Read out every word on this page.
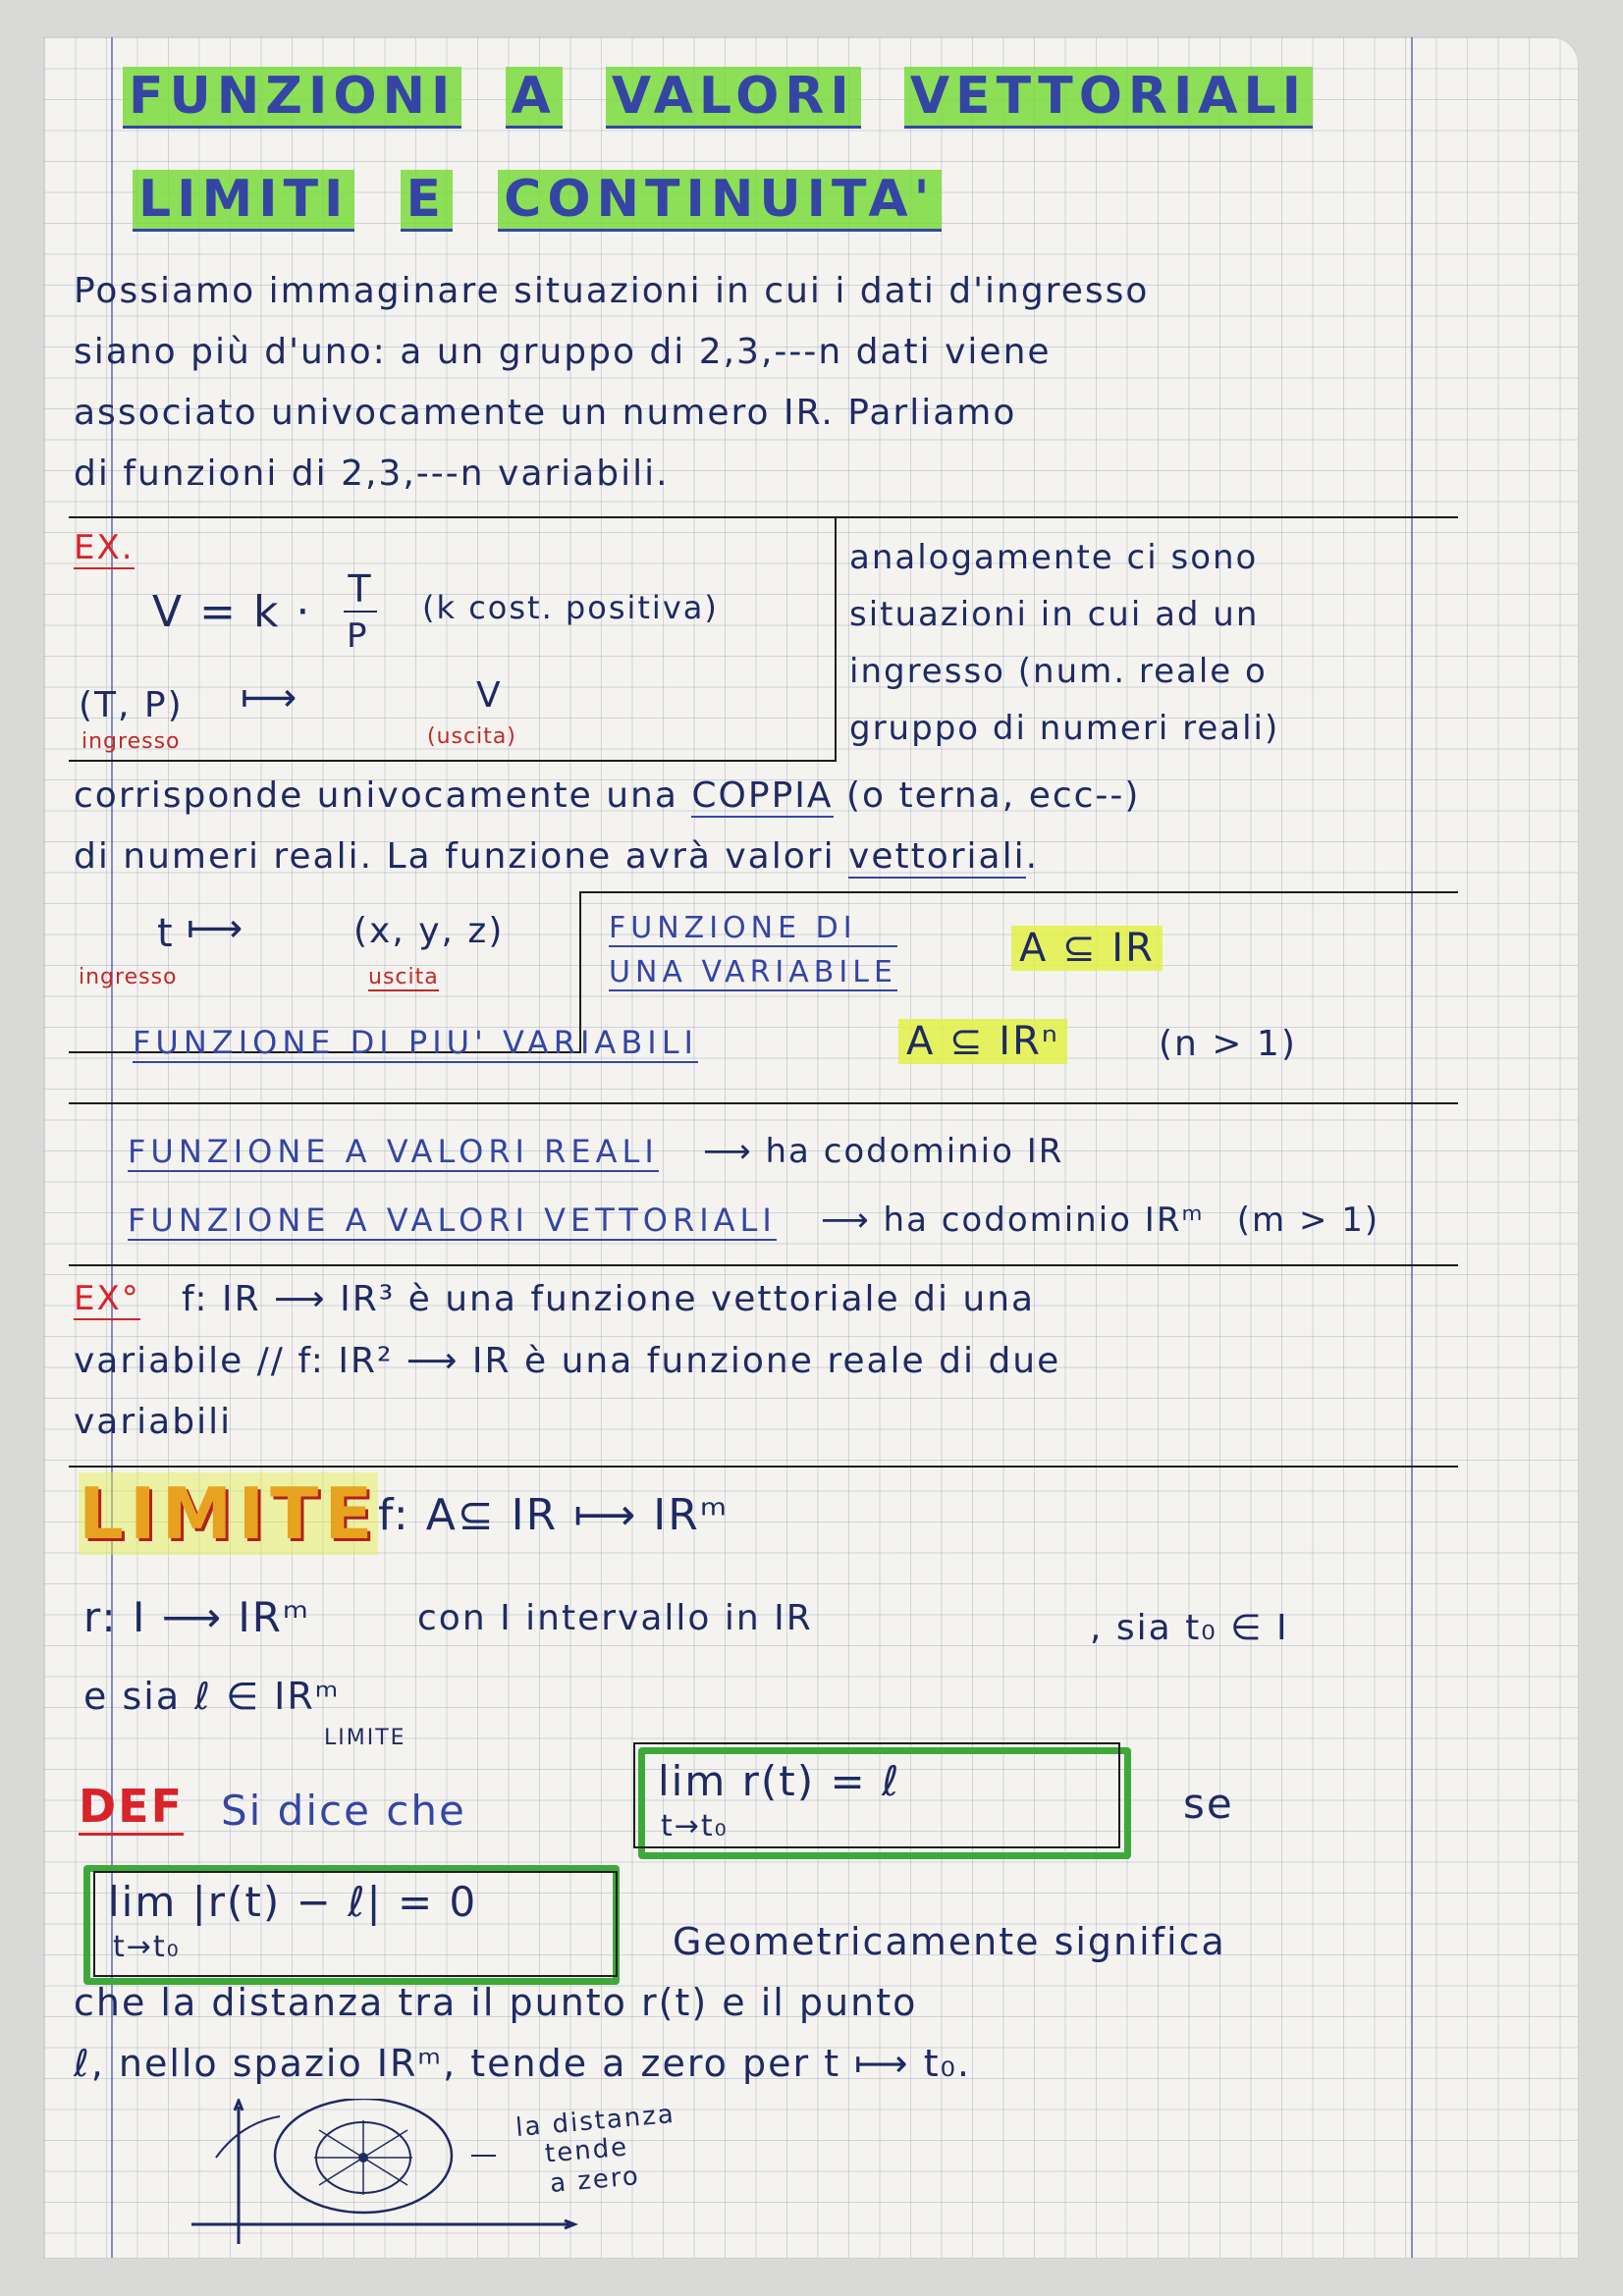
FUNZIONI A VALORI VETTORIALI
LIMITI E CONTINUITA'
Possiamo immaginare situazioni in cui i dati d'ingresso
siano più d'uno: a un gruppo di 2,3,---n dati viene
associato univocamente un numero IR. Parliamo
di funzioni di 2,3,---n variabili.
EX.
V = k · T
P
(k cost. positiva)
(T, P) ⟼	V
ingresso	(uscita)
analogamente ci sono
situazioni in cui ad un
ingresso (num. reale o
gruppo di numeri reali)
corrisponde univocamente una COPPIA (o terna, ecc--)
di numeri reali. La funzione avrà valori vettoriali.
t ⟼	(x, y, z)
ingresso	uscita
FUNZIONE DI
UNA VARIABILE
A ⊆ IR
FUNZIONE DI PIU' VARIABILI	A ⊆ IRⁿ	(n > 1)
FUNZIONE A VALORI REALI ⟶ ha codominio IR
FUNZIONE A VALORI VETTORIALI ⟶ ha codominio IRᵐ (m > 1)
EX° f: IR ⟶ IR³ è una funzione vettoriale di una
variabile // f: IR² ⟶ IR è una funzione reale di due
variabili
LIMITE f: A⊆ IR ⟼ IRᵐ
r: I ⟶ IRᵐ	con I intervallo in IR	, sia t₀ ∈ I
e sia ℓ ∈ IRᵐ
LIMITE
DEF Si dice che
lim r(t) = ℓ
t→t₀	se
lim |r(t) − ℓ| = 0
t→t₀	Geometricamente significa
che la distanza tra il punto r(t) e il punto
ℓ, nello spazio IRᵐ, tende a zero per t ⟼ t₀.
la distanza
tende
a zero
